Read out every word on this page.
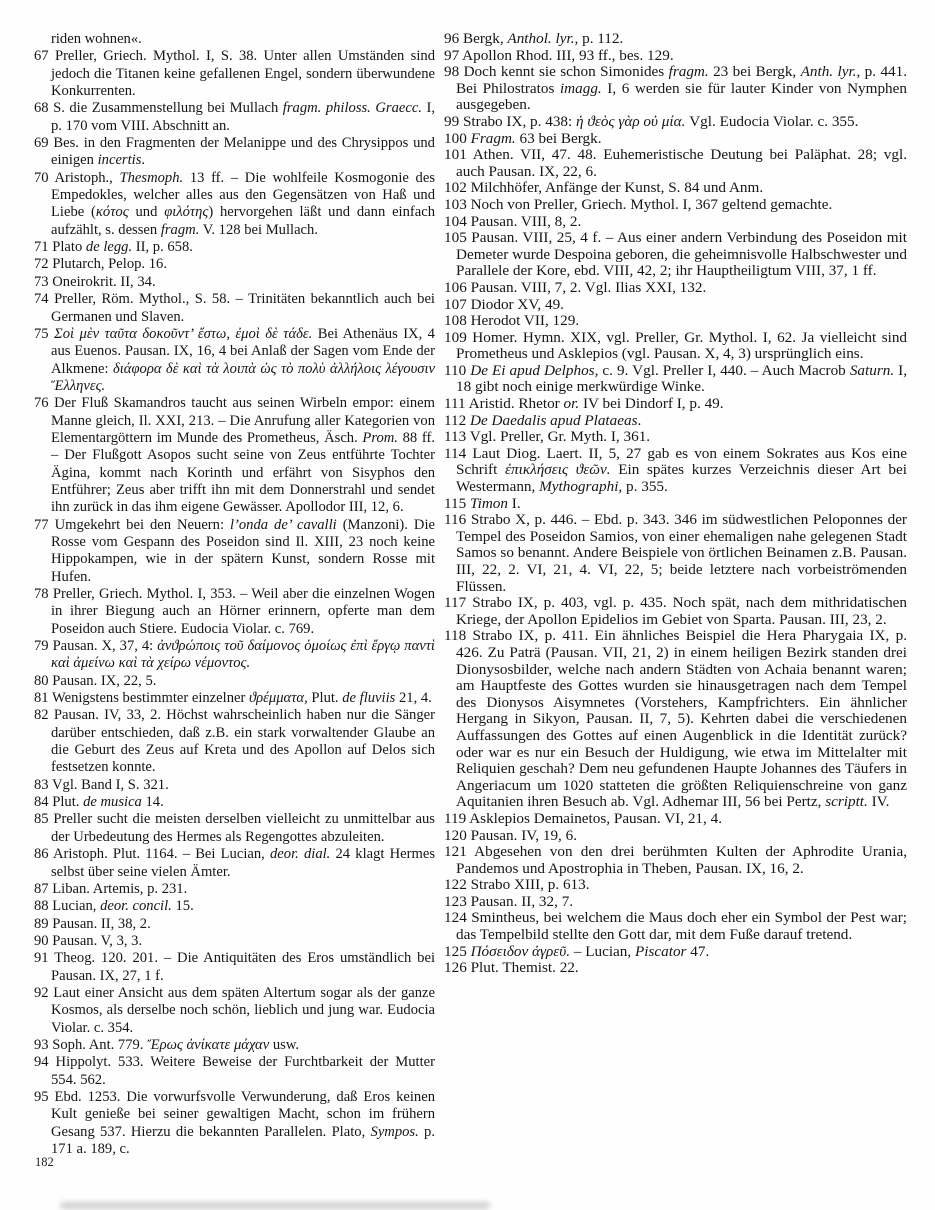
riden wohnen«.
67 Preller, Griech. Mythol. I, S. 38. Unter allen Umständen sind jedoch die Titanen keine gefallenen Engel, sondern überwundene Konkurrenten.
68 S. die Zusammenstellung bei Mullach fragm. philoss. Graecc. I, p. 170 vom VIII. Abschnitt an.
69 Bes. in den Fragmenten der Melanippe und des Chrysippos und einigen incertis.
70 Aristoph., Thesmoph. 13 ff. – Die wohlfeile Kosmogonie des Empedokles, welcher alles aus den Gegensätzen von Haß und Liebe (κότος und φιλότης) hervorgehen läßt und dann einfach aufzählt, s. dessen fragm. V. 128 bei Mullach.
71 Plato de legg. II, p. 658.
72 Plutarch, Pelop. 16.
73 Oneirokrit. II, 34.
74 Preller, Röm. Mythol., S. 58. – Trinitäten bekanntlich auch bei Germanen und Slaven.
75 Σοὶ μὲν ταῦτα δοκοῦντ’ ἔστω, ἐμοὶ δὲ τάδε. Bei Athenäus IX, 4 aus Euenos. Pausan. IX, 16, 4 bei Anlaß der Sagen vom Ende der Alkmene: διάφορα δὲ καὶ τὰ λοιπὰ ὡς τὸ πολὺ ἀλλήλοις λέγουσιν Ἕλληνες.
76 Der Fluß Skamandros taucht aus seinen Wirbeln empor: einem Manne gleich, Il. XXI, 213. – Die Anrufung aller Kategorien von Elementargöttern im Munde des Prometheus, Äsch. Prom. 88 ff. – Der Flußgott Asopos sucht seine von Zeus entführte Tochter Ägina, kommt nach Korinth und erfährt von Sisyphos den Entführer; Zeus aber trifft ihn mit dem Donnerstrahl und sendet ihn zurück in das ihm eigene Gewässer. Apollodor III, 12, 6.
77 Umgekehrt bei den Neuern: l’onda de’ cavalli (Manzoni). Die Rosse vom Gespann des Poseidon sind Il. XIII, 23 noch keine Hippokampen, wie in der spätern Kunst, sondern Rosse mit Hufen.
78 Preller, Griech. Mythol. I, 353. – Weil aber die einzelnen Wogen in ihrer Biegung auch an Hörner erinnern, opferte man dem Poseidon auch Stiere. Eudocia Violar. c. 769.
79 Pausan. X, 37, 4: ἀνϑρώποις τοῦ δαίμονος ὁμοίως ἐπὶ ἔργῳ παντὶ καὶ ἀμείνω καὶ τὰ χείρω νέμοντος.
80 Pausan. IX, 22, 5.
81 Wenigstens bestimmter einzelner ϑρέμματα, Plut. de fluviis 21, 4.
82 Pausan. IV, 33, 2. Höchst wahrscheinlich haben nur die Sänger darüber entschieden, daß z.B. ein stark vorwaltender Glaube an die Geburt des Zeus auf Kreta und des Apollon auf Delos sich festsetzen konnte.
83 Vgl. Band I, S. 321.
84 Plut. de musica 14.
85 Preller sucht die meisten derselben vielleicht zu unmittelbar aus der Urbedeutung des Hermes als Regengottes abzuleiten.
86 Aristoph. Plut. 1164. – Bei Lucian, deor. dial. 24 klagt Hermes selbst über seine vielen Ämter.
87 Liban. Artemis, p. 231.
88 Lucian, deor. concil. 15.
89 Pausan. II, 38, 2.
90 Pausan. V, 3, 3.
91 Theog. 120. 201. – Die Antiquitäten des Eros umständlich bei Pausan. IX, 27, 1 f.
92 Laut einer Ansicht aus dem späten Altertum sogar als der ganze Kosmos, als derselbe noch schön, lieblich und jung war. Eudocia Violar. c. 354.
93 Soph. Ant. 779. Ἔρως ἀνίκατε μάχαν usw.
94 Hippolyt. 533. Weitere Beweise der Furchtbarkeit der Mutter 554. 562.
95 Ebd. 1253. Die vorwurfsvolle Verwunderung, daß Eros keinen Kult genieße bei seiner gewaltigen Macht, schon im frühern Gesang 537. Hierzu die bekannten Parallelen. Plato, Sympos. p. 171 a. 189, c.
96 Bergk, Anthol. lyr., p. 112.
97 Apollon Rhod. III, 93 ff., bes. 129.
98 Doch kennt sie schon Simonides fragm. 23 bei Bergk, Anth. lyr., p. 441. Bei Philostratos imagg. I, 6 werden sie für lauter Kinder von Nymphen ausgegeben.
99 Strabo IX, p. 438: ἡ ϑεὸς γὰρ οὐ μία. Vgl. Eudocia Violar. c. 355.
100 Fragm. 63 bei Bergk.
101 Athen. VII, 47. 48. Euhemeristische Deutung bei Paläphat. 28; vgl. auch Pausan. IX, 22, 6.
102 Milchhöfer, Anfänge der Kunst, S. 84 und Anm.
103 Noch von Preller, Griech. Mythol. I, 367 geltend gemachte.
104 Pausan. VIII, 8, 2.
105 Pausan. VIII, 25, 4 f. – Aus einer andern Verbindung des Poseidon mit Demeter wurde Despoina geboren, die geheimnisvolle Halbschwester und Parallele der Kore, ebd. VIII, 42, 2; ihr Hauptheiligtum VIII, 37, 1 ff.
106 Pausan. VIII, 7, 2. Vgl. Ilias XXI, 132.
107 Diodor XV, 49.
108 Herodot VII, 129.
109 Homer. Hymn. XIX, vgl. Preller, Gr. Mythol. I, 62. Ja vielleicht sind Prometheus und Asklepios (vgl. Pausan. X, 4, 3) ursprünglich eins.
110 De Ei apud Delphos, c. 9. Vgl. Preller I, 440. – Auch Macrob Saturn. I, 18 gibt noch einige merkwürdige Winke.
111 Aristid. Rhetor or. IV bei Dindorf I, p. 49.
112 De Daedalis apud Plataeas.
113 Vgl. Preller, Gr. Myth. I, 361.
114 Laut Diog. Laert. II, 5, 27 gab es von einem Sokrates aus Kos eine Schrift ἐπικλήσεις ϑεῶν. Ein spätes kurzes Verzeichnis dieser Art bei Westermann, Mythographi, p. 355.
115 Timon I.
116 Strabo X, p. 446. – Ebd. p. 343. 346 im südwestlichen Peloponnes der Tempel des Poseidon Samios, von einer ehemaligen nahe gelegenen Stadt Samos so benannt. Andere Beispiele von örtlichen Beinamen z.B. Pausan. III, 22, 2. VI, 21, 4. VI, 22, 5; beide letztere nach vorbeiströmenden Flüssen.
117 Strabo IX, p. 403, vgl. p. 435. Noch spät, nach dem mithridatischen Kriege, der Apollon Epidelios im Gebiet von Sparta. Pausan. III, 23, 2.
118 Strabo IX, p. 411. Ein ähnliches Beispiel die Hera Pharygaia IX, p. 426. Zu Paträ (Pausan. VII, 21, 2) in einem heiligen Bezirk standen drei Dionysosbilder, welche nach andern Städten von Achaia benannt waren; am Hauptfeste des Gottes wurden sie hinausgetragen nach dem Tempel des Dionysos Aisymnetes (Vorstehers, Kampfrichters. Ein ähnlicher Hergang in Sikyon, Pausan. II, 7, 5). Kehrten dabei die verschiedenen Auffassungen des Gottes auf einen Augenblick in die Identität zurück? oder war es nur ein Besuch der Huldigung, wie etwa im Mittelalter mit Reliquien geschah? Dem neu gefundenen Haupte Johannes des Täufers in Angeriacum um 1020 statteten die größten Reliquienschreine von ganz Aquitanien ihren Besuch ab. Vgl. Adhemar III, 56 bei Pertz, scriptt. IV.
119 Asklepios Demainetos, Pausan. VI, 21, 4.
120 Pausan. IV, 19, 6.
121 Abgesehen von den drei berühmten Kulten der Aphrodite Urania, Pandemos und Apostrophia in Theben, Pausan. IX, 16, 2.
122 Strabo XIII, p. 613.
123 Pausan. II, 32, 7.
124 Smintheus, bei welchem die Maus doch eher ein Symbol der Pest war; das Tempelbild stellte den Gott dar, mit dem Fuße darauf tretend.
125 Πόσειδον ἀγρεῦ. – Lucian, Piscator 47.
126 Plut. Themist. 22.
182
